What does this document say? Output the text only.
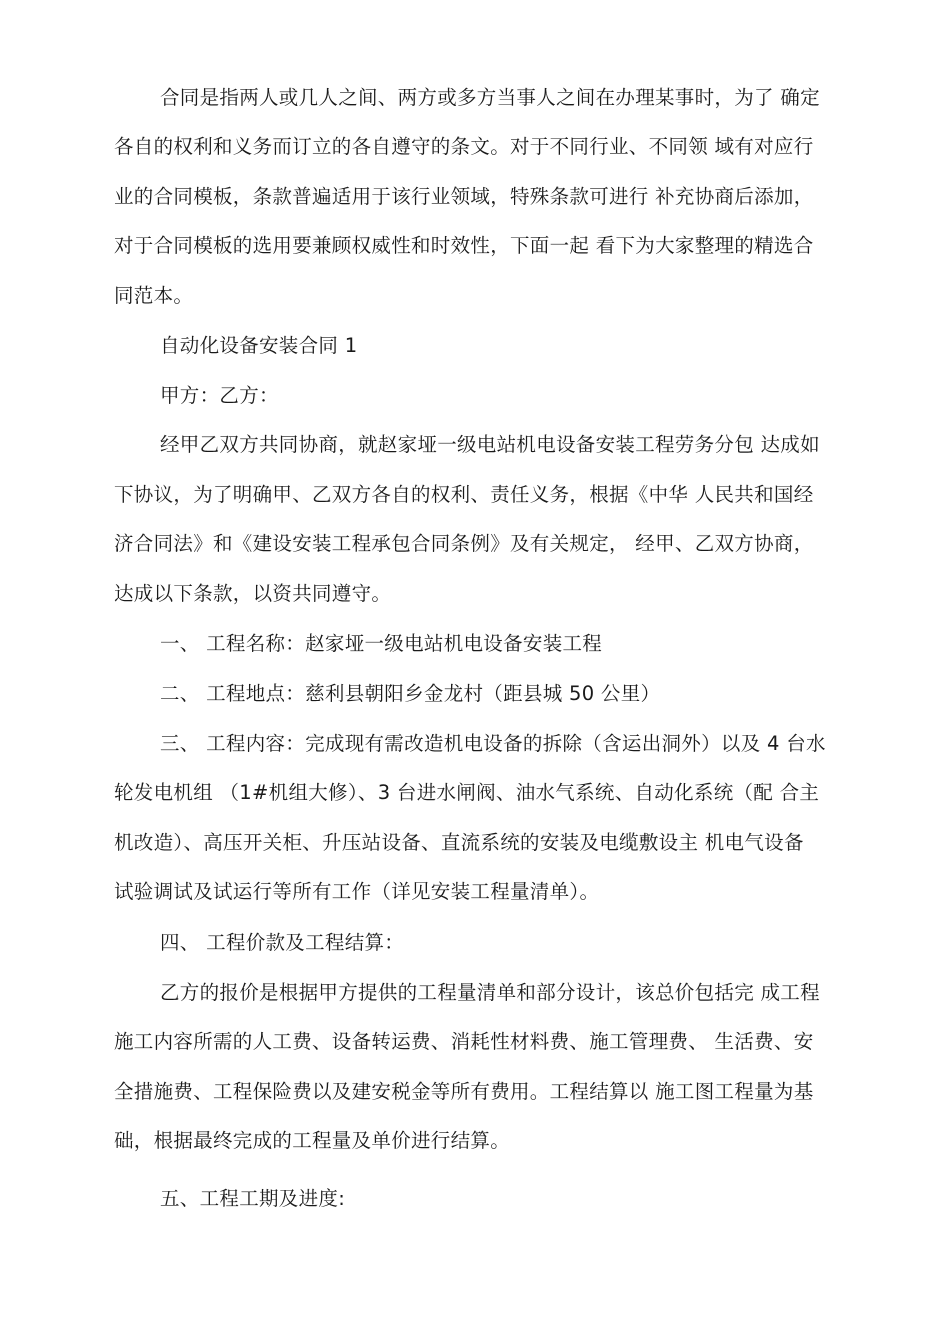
合同是指两人或几人之间、两方或多方当事人之间在办理某事时，为了 确定
各自的权利和义务而订立的各自遵守的条文。对于不同行业、不同领 域有对应行
业的合同模板，条款普遍适用于该行业领域，特殊条款可进行 补充协商后添加，
对于合同模板的选用要兼顾权威性和时效性，下面一起 看下为大家整理的精选合
同范本。
自动化设备安装合同 1
甲方：乙方：
经甲乙双方共同协商，就赵家垭一级电站机电设备安装工程劳务分包 达成如
下协议，为了明确甲、乙双方各自的权利、责任义务，根据《中华 人民共和国经
济合同法》和《建设安装工程承包合同条例》及有关规定， 经甲、乙双方协商，
达成以下条款，以资共同遵守。
一、 工程名称：赵家垭一级电站机电设备安装工程
二、 工程地点：慈利县朝阳乡金龙村（距县城 50 公里）
三、 工程内容：完成现有需改造机电设备的拆除（含运出洞外）以及 4 台水
轮发电机组 （1#机组大修）、3 台进水闸阀、油水气系统、自动化系统（配 合主
机改造）、高压开关柜、升压站设备、直流系统的安装及电缆敷设主 机电气设备
试验调试及试运行等所有工作（详见安装工程量清单）。
四、 工程价款及工程结算：
乙方的报价是根据甲方提供的工程量清单和部分设计，该总价包括完 成工程
施工内容所需的人工费、设备转运费、消耗性材料费、施工管理费、 生活费、安
全措施费、工程保险费以及建安税金等所有费用。工程结算以 施工图工程量为基
础，根据最终完成的工程量及单价进行结算。
五、工程工期及进度:
